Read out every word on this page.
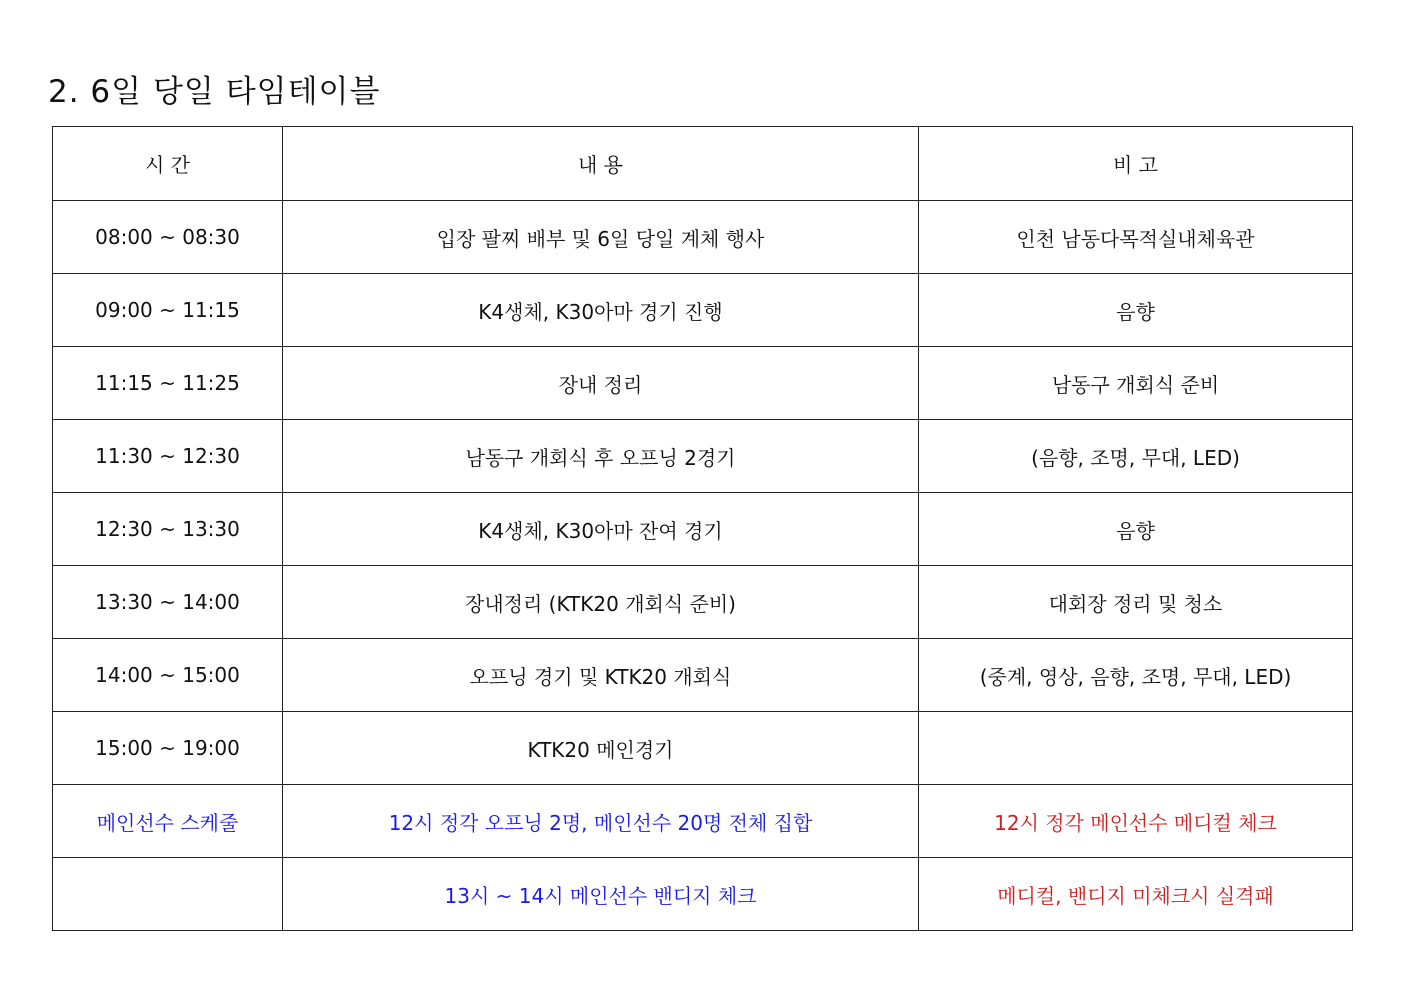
2. 6일 당일 타임테이블
시 간	내 용	비 고
08:00 ~ 08:30	입장 팔찌 배부 및 6일 당일 계체 행사	인천 남동다목적실내체육관
09:00 ~ 11:15	K4생체, K30아마 경기 진행	음향
11:15 ~ 11:25	장내 정리	남동구 개회식 준비
11:30 ~ 12:30	남동구 개회식 후 오프닝 2경기	(음향, 조명, 무대, LED)
12:30 ~ 13:30	K4생체, K30아마 잔여 경기	음향
13:30 ~ 14:00	장내정리 (KTK20 개회식 준비)	대회장 정리 및 청소
14:00 ~ 15:00	오프닝 경기 및 KTK20 개회식	(중계, 영상, 음향, 조명, 무대, LED)
15:00 ~ 19:00	KTK20 메인경기	
메인선수 스케줄	12시 정각 오프닝 2명, 메인선수 20명 전체 집합	12시 정각 메인선수 메디컬 체크
	13시 ~ 14시 메인선수 밴디지 체크	메디컬, 밴디지 미체크시 실격패
